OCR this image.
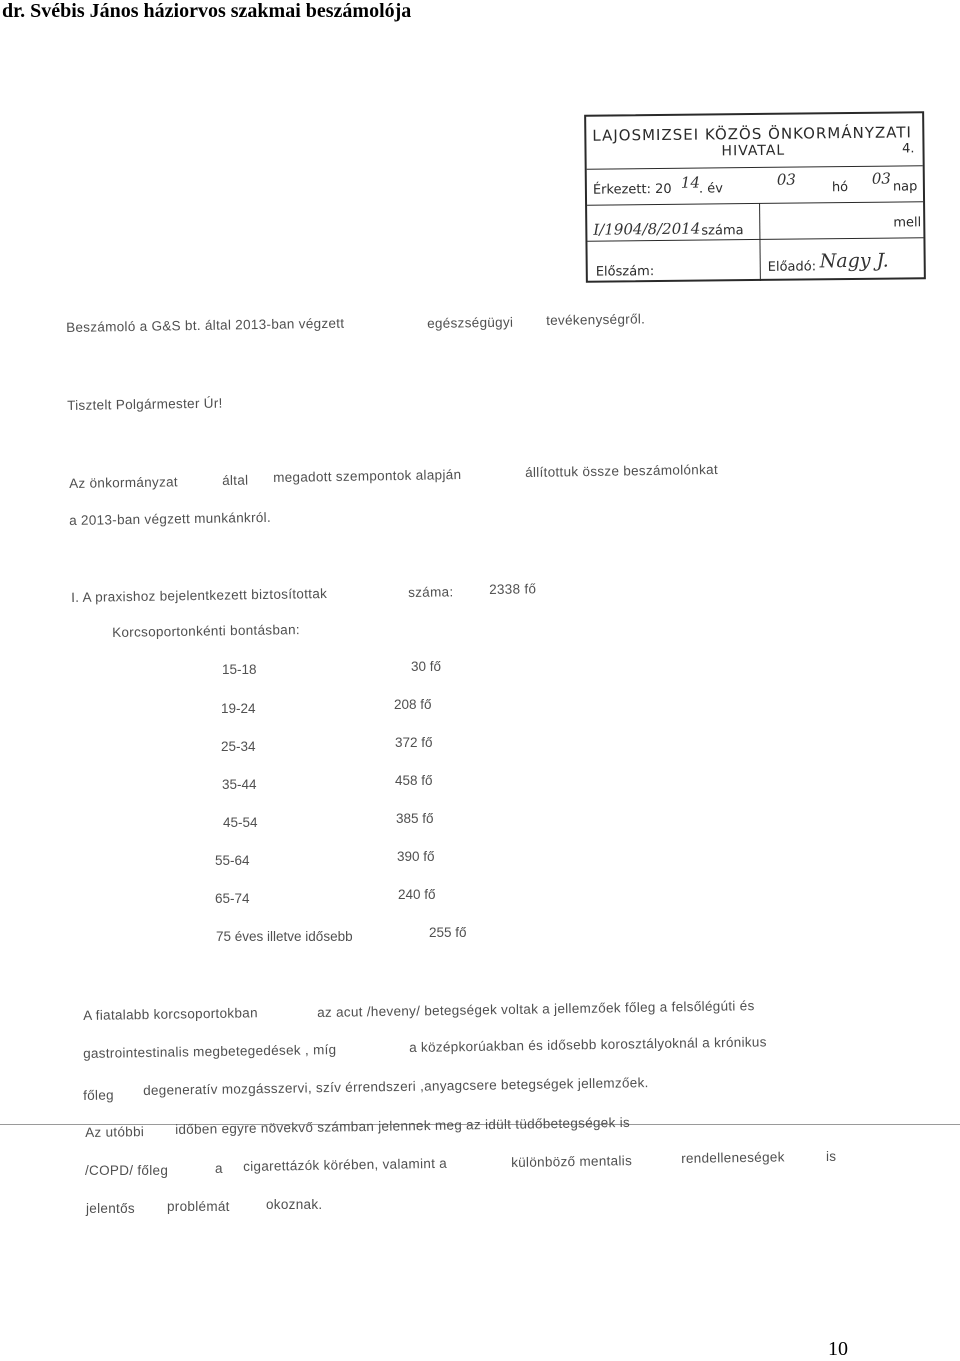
dr. Svébis János háziorvos szakmai beszámolója
LAJOSMIZSEI KÖZÖS ÖNKORMÁNYZATI
HIVATAL	4.
Érkezett: 20 14
. év
03	hó 03 nap
I/1904/8/2014 száma
mell
Előszám:	Előadó: Nagy J.
Beszámoló a G&S bt. által 2013-ban végzett	egészségügyi tevékenységről.
Tisztelt Polgármester Úr!
Az önkormányzat	által megadott szempontok alapján	állítottuk össze beszámolónkat
a 2013-ban végzett munkánkról.
I. A praxishoz bejelentkezett biztosítottak	száma:	2338 fő
Korcsoportonkénti bontásban:
15-18	30 fő
19-24	208 fő
25-34	372 fő
35-44	458 fő
45-54	385 fő
55-64	390 fő
65-74	240 fő
75 éves illetve idősebb	255 fő
A fiatalabb korcsoportokban	az acut /heveny/ betegségek voltak a jellemzőek főleg a felsőlégúti és
gastrointestinalis megbetegedések , míg	a középkorúakban és idősebb korosztályoknál a krónikus
főleg degeneratív mozgásszervi, szív érrendszeri ,anyagcsere betegségek jellemzőek.
Az utóbbi időben egyre növekvő számban jelennek meg az idült tüdőbetegségek is
/COPD/ főleg	a cigarettázók körében, valamint a	különböző mentalis	rendelleneségek	is
jelentős problémát	okoznak.
10
